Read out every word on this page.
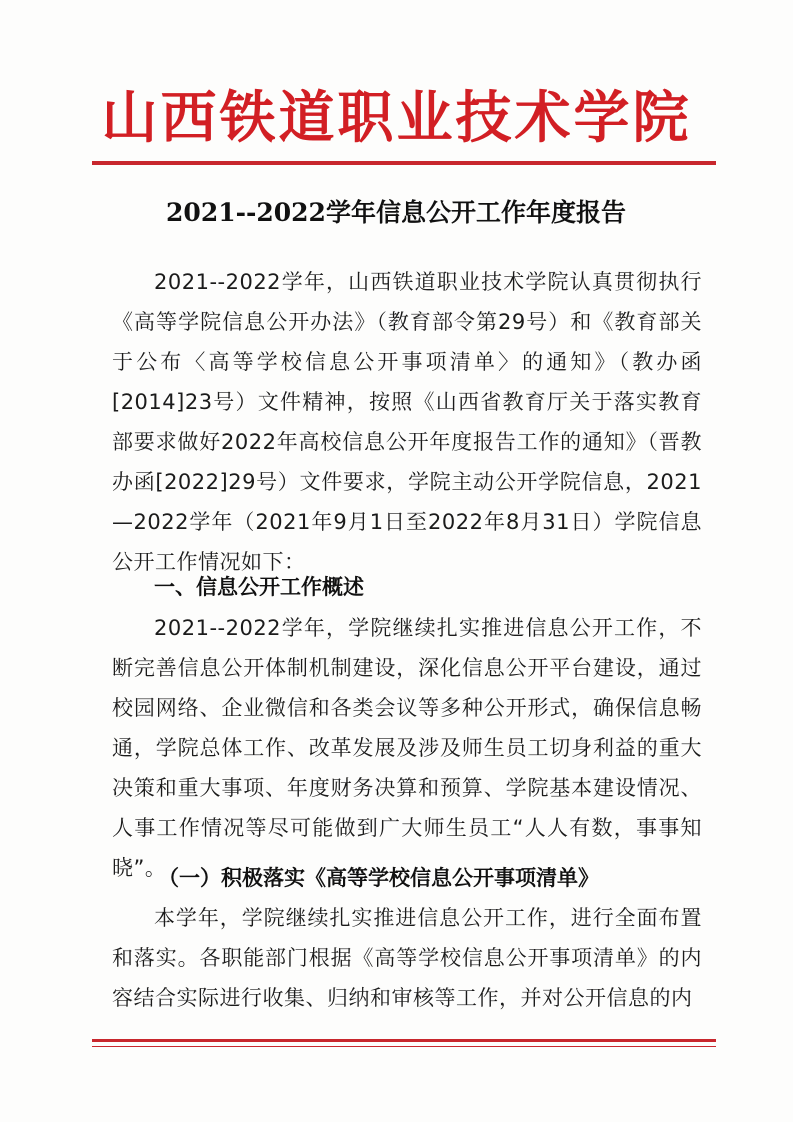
山西铁道职业技术学院
2021--2022学年信息公开工作年度报告

2021--2022学年，山西铁道职业技术学院认真贯彻执行《高等学院信息公开办法》（教育部令第29号）和《教育部关于公布〈高等学校信息公开事项清单〉的通知》（教办函[2014]23号）文件精神，按照《山西省教育厅关于落实教育部要求做好2022年高校信息公开年度报告工作的通知》（晋教办函[2022]29号）文件要求，学院主动公开学院信息，2021—2022学年（2021年9月1日至2022年8月31日）学院信息公开工作情况如下：

一、信息公开工作概述

2021--2022学年，学院继续扎实推进信息公开工作，不断完善信息公开体制机制建设，深化信息公开平台建设，通过校园网络、企业微信和各类会议等多种公开形式，确保信息畅通，学院总体工作、改革发展及涉及师生员工切身利益的重大决策和重大事项、年度财务决算和预算、学院基本建设情况、人事工作情况等尽可能做到广大师生员工“人人有数，事事知晓”。

（一）积极落实《高等学校信息公开事项清单》

本学年，学院继续扎实推进信息公开工作，进行全面布置和落实。各职能部门根据《高等学校信息公开事项清单》的内容结合实际进行收集、归纳和审核等工作，并对公开信息的内
